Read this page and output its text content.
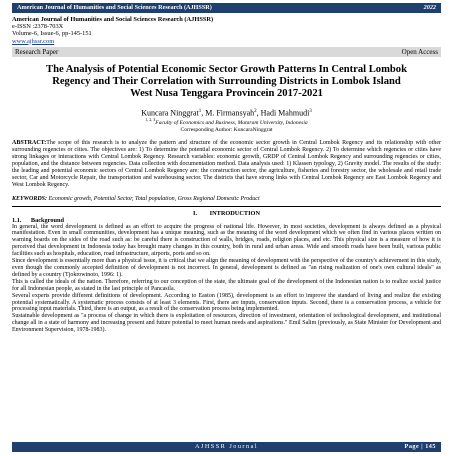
American Journal of Humanities and Social Sciences Research (AJHSSR)	2022
American Journal of Humanities and Social Sciences Research (AJHSSR)
e-ISSN :2378-703X
Volume-6, Issue-6, pp-145-151
www.ajhssr.com
Research Paper	Open Access
The Analysis of Potential Economic Sector Growth Patterns In Central Lombok Regency and Their Correlation with Surrounding Districts in Lombok Island West Nusa Tenggara Provincein 2017-2021
Kuncara Ninggrat$^1$, M. Firmansyah$^2$, Hadi Mahmudi$^3$
$^{1, 2, 3}$Faculty of Economics and Business, Mataram University, Indonesia
Corresponding Author: KuncaraNinggrat
ABSTRACT:The scope of this research is to analyze the pattern and structure of the economic sector growth in Central Lombok Regency and its relationship with other surrounding regencies or cities. The objectives are: 1) To determine the potential economic sector of Central Lombok Regency. 2) To determine which regencies or cities have strong linkages or interactions with Central Lombok Regency. Research variables: economic growth, GRDP of Central Lombok Regency and surrounding regencies or cities, population, and the distance between regencies. Data collection with documentation method. Data analysis used: 1) Klassen typology, 2) Gravity model. The results of the study: the leading and potential economic sectors of Central Lombok Regency are: the construction sector, the agriculture, fisheries and forestry sector, the wholesale and retail trade sector, Car and Motorcycle Repair, the transportation and warehousing sector. The districts that have strong links with Central Lombok Regency are East Lombok Regency and West Lombok Regency.
KEYWORDS: Economic growth, Potential Sector, Total population, Gross Regional Domestic Product
I.        INTRODUCTION
1.1.      Background

In general, the word development is defined as an effort to acquire the progress of national life. However, in most societies, development is always defined as a physical manifestation. Even in small communities, development has a unique meaning, such as the meaning of the word development which we often find in various places written on warning boards on the sides of the road such as: be careful there is construction of walls, bridges, roads, religion places, and etc. This physical size is a measure of how it is perceived that development in Indonesia today has brought many changes in this country, both in rural and urban areas. Wide and smooth roads have been built, various public facilities such as hospitals, education, road infrastructure, airports, ports and so on.

Since development is essentially more than a physical issue, it is critical that we align the meaning of development with the perspective of the country's achievement in this study, even though the commonly accepted definition of development is not incorrect. In general, development is defined as "an rising realization of one's own cultural ideals" as defined by a country (Tjokrowinoto, 1996: 1).

This is called the ideals of the nation. Therefore, referring to our conception of the state, the ultimate goal of the development of the Indonesian nation is to realize social justice for all Indonesian people, as stated in the last principle of Pancasila.

Several experts provide different definitions of development. According to Easton (1985), development is an effort to improve the standard of living and realize the existing potential systematically. A systematic process consists of at least 3 elements. First, there are inputs, conservation inputs. Second, there is a conservation process, a vehicle for processing input materials. Third, there is an output, as a result of the conservation process being implemented.

Sustainable development as "a process of change in which there is exploitation of resources, direction of investment, orientation of technological development, and institutional change all in a state of harmony and increasing present and future potential to meet human needs and aspirations." Emil Salim (previously, as State Minister for Development and Environment Supervision, 1978-1983).

AJHSSR Journal	Page | 145
